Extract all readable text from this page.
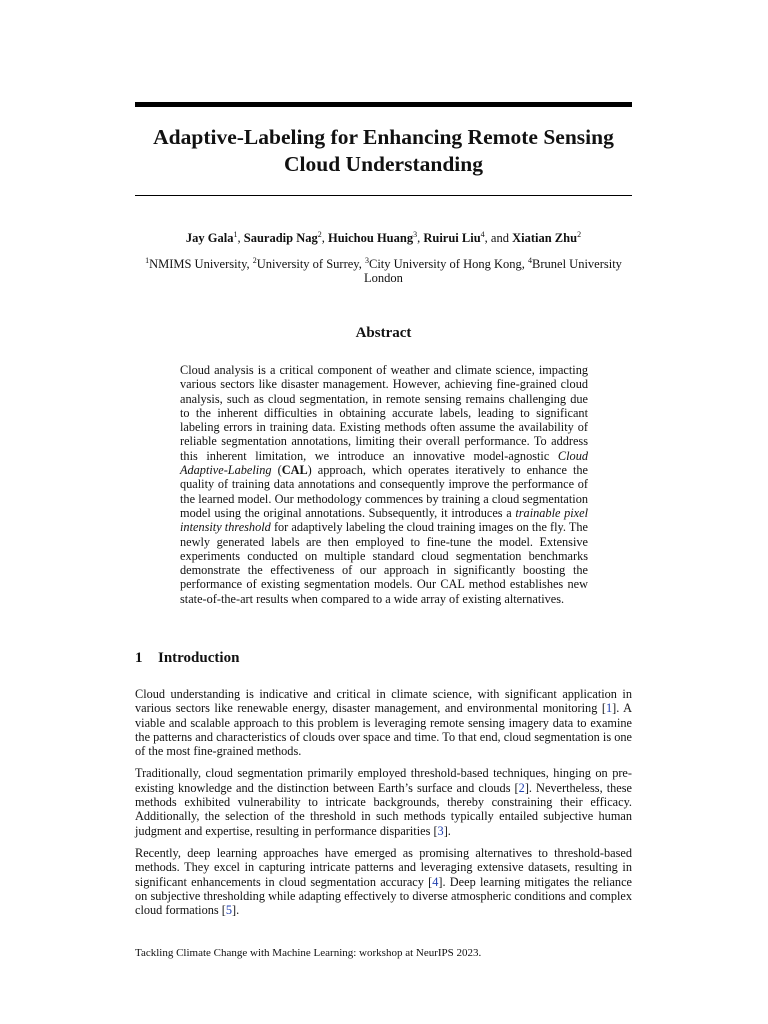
Adaptive-Labeling for Enhancing Remote Sensing
Cloud Understanding
Jay Gala$^1$, Sauradip Nag$^2$, Huichou Huang$^3$, Ruirui Liu$^4$, and Xiatian Zhu$^2$
$^1$NMIMS University, $^2$University of Surrey, $^3$City University of Hong Kong, $^4$Brunel University London
Abstract

Cloud analysis is a critical component of weather and climate science, impacting various sectors like disaster management. However, achieving fine-grained cloud analysis, such as cloud segmentation, in remote sensing remains challenging due to the inherent difficulties in obtaining accurate labels, leading to significant labeling errors in training data. Existing methods often assume the availability of reliable segmentation annotations, limiting their overall performance. To address this inherent limitation, we introduce an innovative model-agnostic Cloud Adaptive-Labeling (CAL) approach, which operates iteratively to enhance the quality of training data annotations and consequently improve the performance of the learned model. Our methodology commences by training a cloud segmentation model using the original annotations. Subsequently, it introduces a trainable pixel intensity threshold for adaptively labeling the cloud training images on the fly. The newly generated labels are then employed to fine-tune the model. Extensive experiments conducted on multiple standard cloud segmentation benchmarks demonstrate the effectiveness of our approach in significantly boosting the performance of existing segmentation models. Our CAL method establishes new state-of-the-art results when compared to a wide array of existing alternatives.

1 Introduction

Cloud understanding is indicative and critical in climate science, with significant application in various sectors like renewable energy, disaster management, and environmental monitoring [1]. A viable and scalable approach to this problem is leveraging remote sensing imagery data to examine the patterns and characteristics of clouds over space and time. To that end, cloud segmentation is one of the most fine-grained methods.

Traditionally, cloud segmentation primarily employed threshold-based techniques, hinging on pre-existing knowledge and the distinction between Earth’s surface and clouds [2]. Nevertheless, these methods exhibited vulnerability to intricate backgrounds, thereby constraining their efficacy. Additionally, the selection of the threshold in such methods typically entailed subjective human judgment and expertise, resulting in performance disparities [3].

Recently, deep learning approaches have emerged as promising alternatives to threshold-based methods. They excel in capturing intricate patterns and leveraging extensive datasets, resulting in significant enhancements in cloud segmentation accuracy [4]. Deep learning mitigates the reliance on subjective thresholding while adapting effectively to diverse atmospheric conditions and complex cloud formations [5].

Tackling Climate Change with Machine Learning: workshop at NeurIPS 2023.
